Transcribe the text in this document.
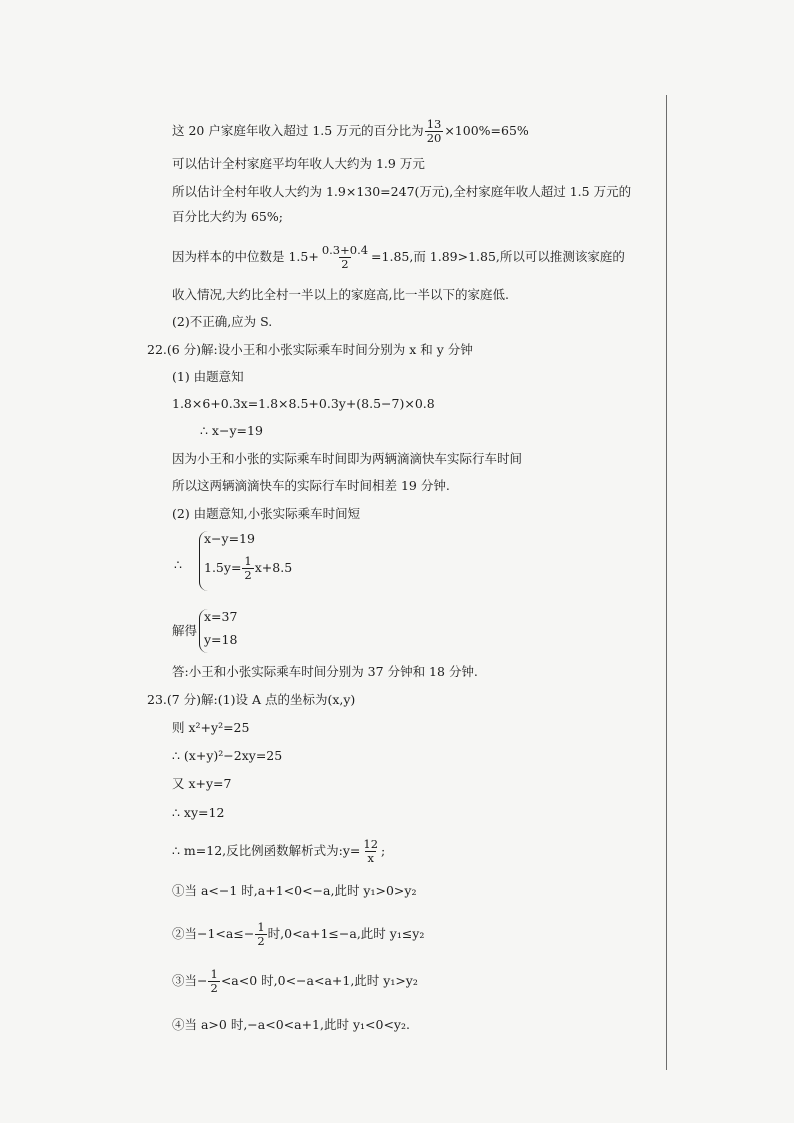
这 20 户家庭年收入超过 1.5 万元的百分比为 $\frac{13}{20} \times 100\%=65\%$
可以估计全村家庭平均年收人大约为 1.9 万元
所以估计全村年收人大约为 1.9×130=247(万元),全村家庭年收人超过 1.5 万元的
百分比大约为 65%;
因为样本的中位数是 $1.5+ \frac{0.3+0.4}{2} =1.85$,而 1.89>1.85,所以可以推测该家庭的
收入情况,大约比全村一半以上的家庭高,比一半以下的家庭低.
(2)不正确,应为 S.
22.(6 分)解:设小王和小张实际乘车时间分别为 x 和 y 分钟
(1) 由题意知
1.8×6+0.3x=1.8×8.5+0.3y+(8.5−7)×0.8
∴ x−y=19
因为小王和小张的实际乘车时间即为两辆滴滴快车实际行车时间
所以这两辆滴滴快车的实际行车时间相差 19 分钟.
(2) 由题意知,小张实际乘车时间短
∴
x−y=19
$1.5y= \frac{1}{2} x+8.5$
解得
x=37
y=18
答:小王和小张实际乘车时间分别为 37 分钟和 18 分钟.
23.(7 分)解:(1)设 A 点的坐标为(x,y)
则 x²+y²=25
∴ (x+y)²−2xy=25
又 x+y=7
∴ xy=12
∴ m=12,反比例函数解析式为:y= $\frac{12}{x}$ ;
①当 a<−1 时,a+1<0<−a,此时 y₁>0>y₂
②当$-1<a\le- \frac{1}{2}$ 时,0<a+1≤−a,此时 y₁≤y₂
③当− $\frac{1}{2} <a<0$ 时,0<−a<a+1,此时 y₁>y₂
④当 a>0 时,−a<0<a+1,此时 y₁<0<y₂.
